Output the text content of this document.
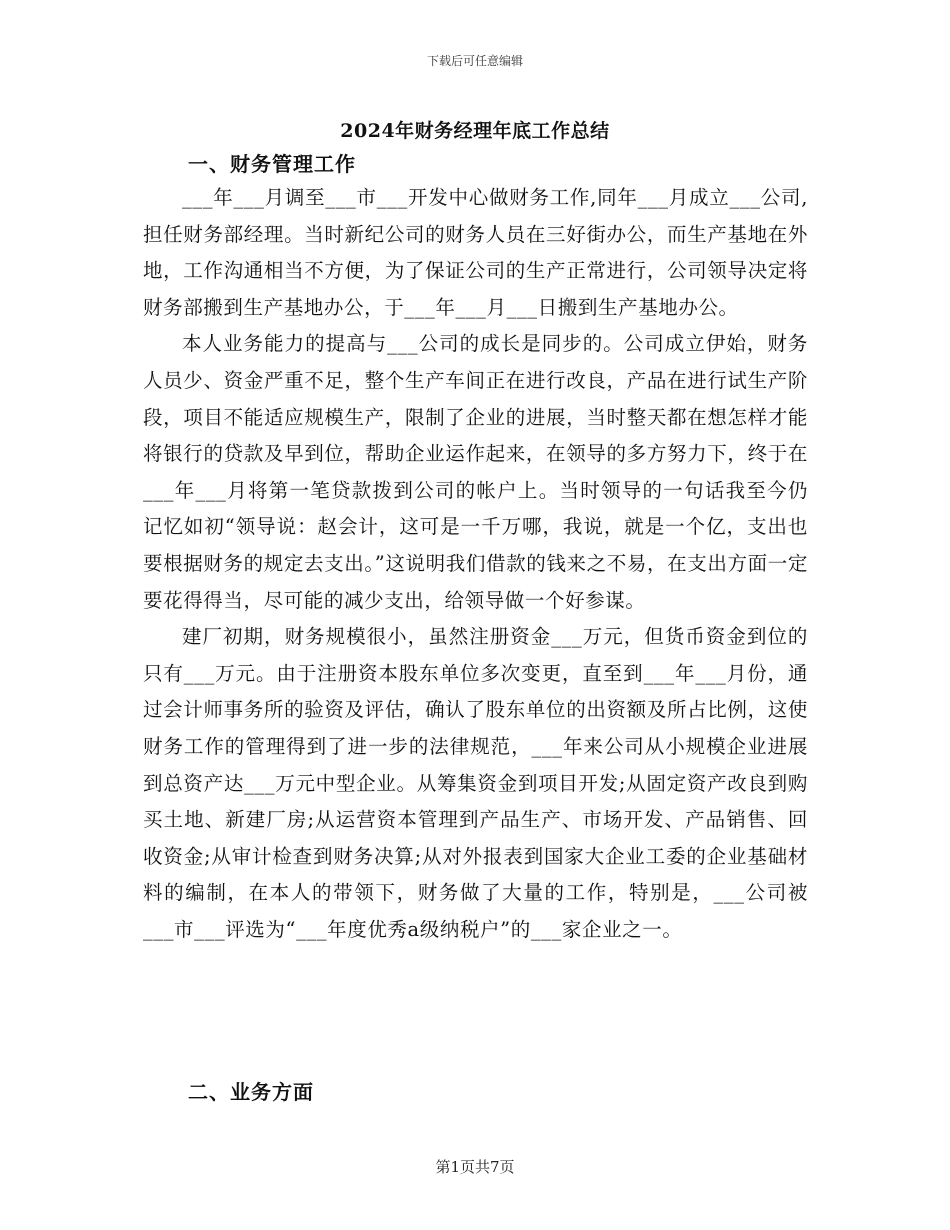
下载后可任意编辑
2024年财务经理年底工作总结
一、财务管理工作

___年___月调至___市___开发中心做财务工作,同年___月成立___公司,担任财务部经理。当时新纪公司的财务人员在三好街办公，而生产基地在外地，工作沟通相当不方便，为了保证公司的生产正常进行，公司领导决定将财务部搬到生产基地办公，于___年___月___日搬到生产基地办公。

本人业务能力的提高与___公司的成长是同步的。公司成立伊始，财务人员少、资金严重不足，整个生产车间正在进行改良，产品在进行试生产阶段，项目不能适应规模生产，限制了企业的进展，当时整天都在想怎样才能将银行的贷款及早到位，帮助企业运作起来，在领导的多方努力下，终于在___年___月将第一笔贷款拨到公司的帐户上。当时领导的一句话我至今仍记忆如初“领导说：赵会计，这可是一千万哪，我说，就是一个亿，支出也要根据财务的规定去支出。”这说明我们借款的钱来之不易，在支出方面一定要花得得当，尽可能的减少支出，给领导做一个好参谋。

建厂初期，财务规模很小，虽然注册资金___万元，但货币资金到位的只有___万元。由于注册资本股东单位多次变更，直至到___年___月份，通过会计师事务所的验资及评估，确认了股东单位的出资额及所占比例，这使财务工作的管理得到了进一步的法律规范，___年来公司从小规模企业进展到总资产达___万元中型企业。从筹集资金到项目开发;从固定资产改良到购买土地、新建厂房;从运营资本管理到产品生产、市场开发、产品销售、回收资金;从审计检查到财务决算;从对外报表到国家大企业工委的企业基础材料的编制，在本人的带领下，财务做了大量的工作，特别是，___公司被___市___评选为“___年度优秀a级纳税户”的___家企业之一。

二、业务方面
第1页共7页
